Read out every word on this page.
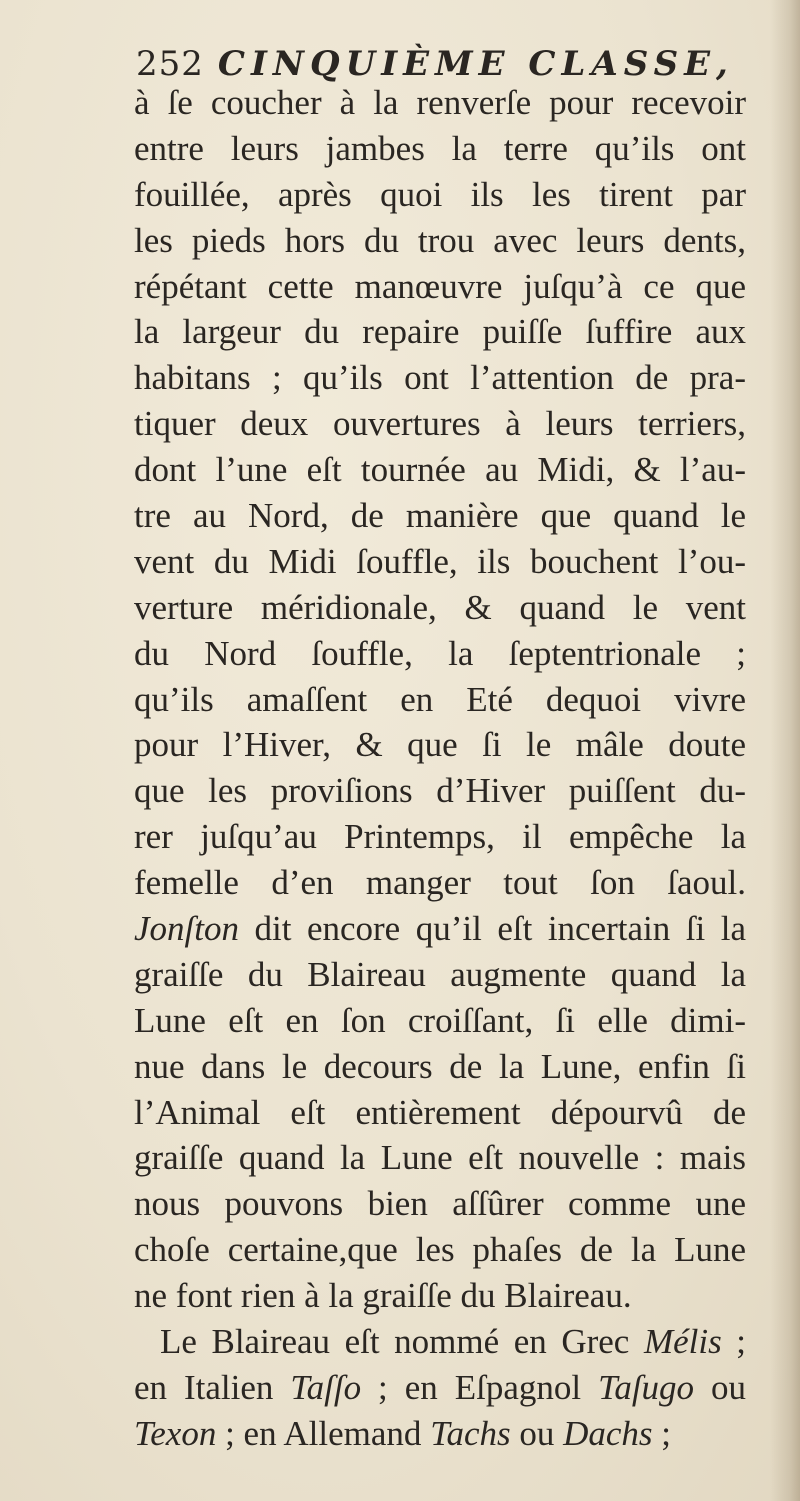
252 CINQUIÈME CLASSE,
à ſe coucher à la renverſe pour recevoir
entre leurs jambes la terre qu’ils ont
fouillée, après quoi ils les tirent par
les pieds hors du trou avec leurs dents,
répétant cette manœuvre juſqu’à ce que
la largeur du repaire puiſſe ſuffire aux
habitans ; qu’ils ont l’attention de pra-
tiquer deux ouvertures à leurs terriers,
dont l’une eſt tournée au Midi, & l’au-
tre au Nord, de manière que quand le
vent du Midi ſouffle, ils bouchent l’ou-
verture méridionale, & quand le vent
du Nord ſouffle, la ſeptentrionale ;
qu’ils amaſſent en Eté dequoi vivre
pour l’Hiver, & que ſi le mâle doute
que les proviſions d’Hiver puiſſent du-
rer juſqu’au Printemps, il empêche la
femelle d’en manger tout ſon ſaoul.
Jonſton dit encore qu’il eſt incertain ſi la
graiſſe du Blaireau augmente quand la
Lune eſt en ſon croiſſant, ſi elle dimi-
nue dans le decours de la Lune, enfin ſi
l’Animal eſt entièrement dépourvû de
graiſſe quand la Lune eſt nouvelle : mais
nous pouvons bien aſſûrer comme une
choſe certaine,que les phaſes de la Lune
ne font rien à la graiſſe du Blaireau.
Le Blaireau eſt nommé en Grec Mélis ;
en Italien Taſſo ; en Eſpagnol Taſugo ou
Texon ; en Allemand Tachs ou Dachs ;
